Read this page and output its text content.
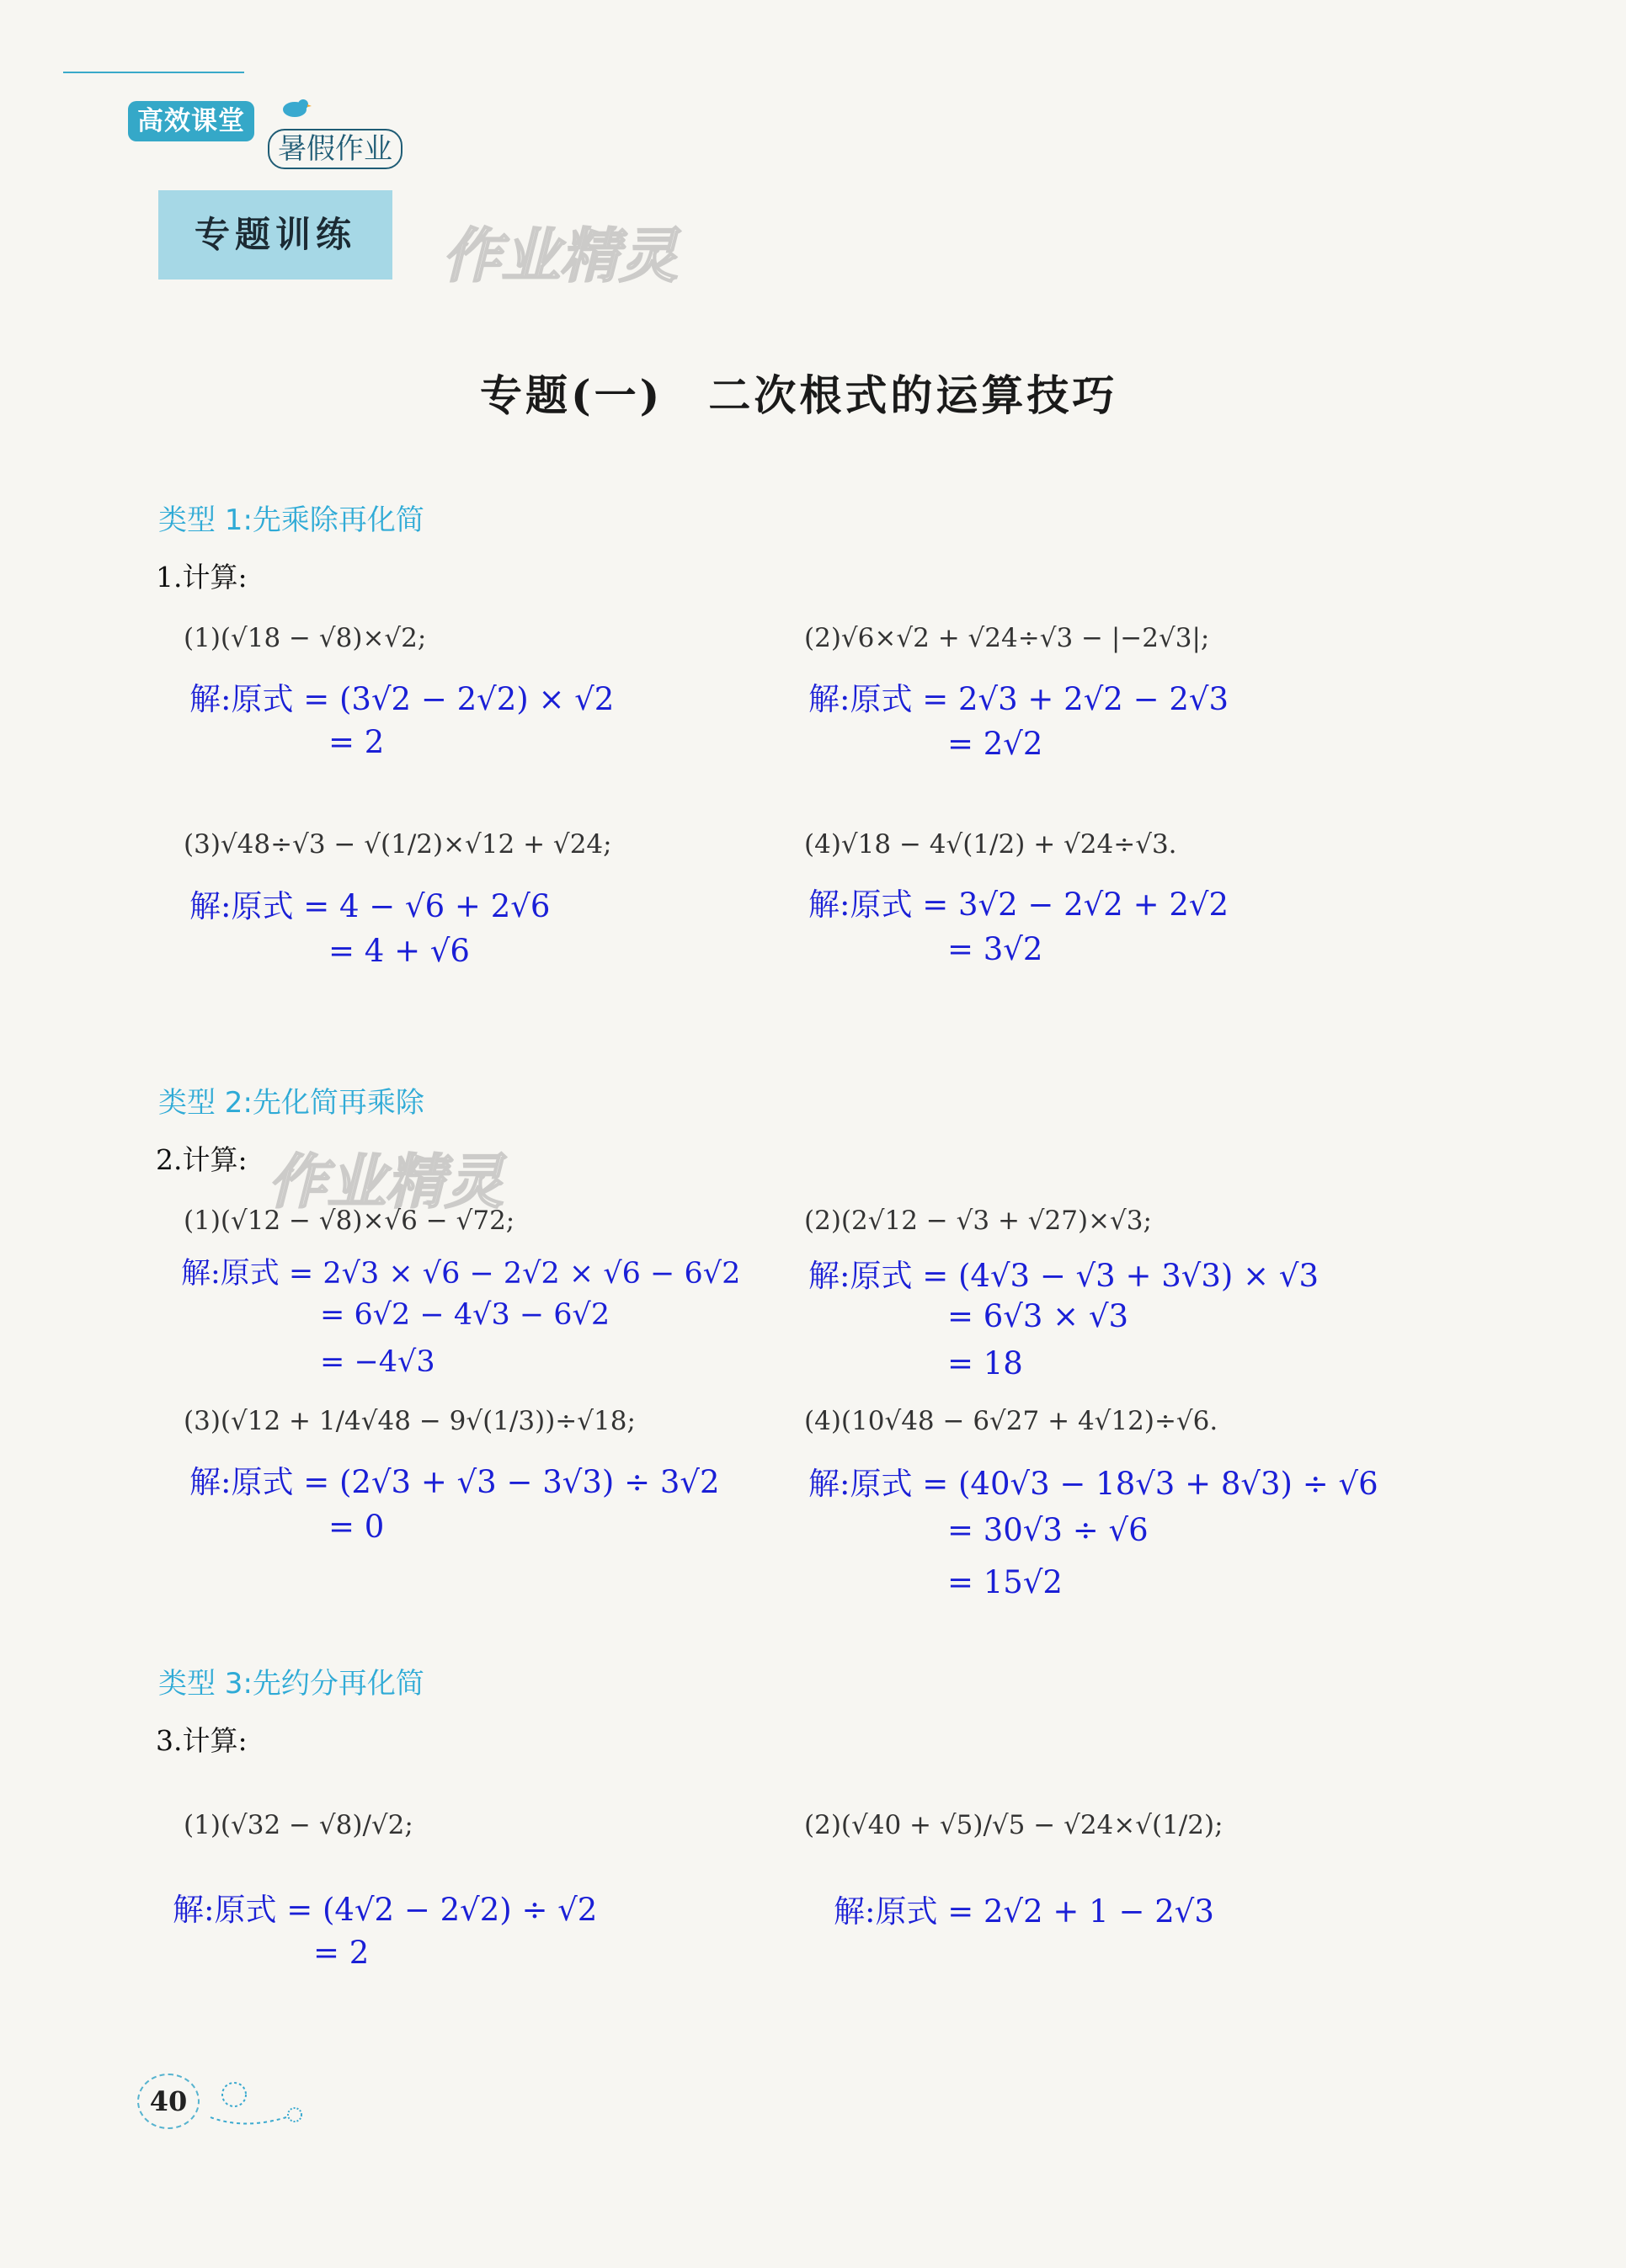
高效课堂
暑假作业
专题训练	作业精灵
作业精灵
专题(一)　二次根式的运算技巧
类型 1:先乘除再化简
1.计算:
(1)(√18 − √8)×√2;
解:原式 = (3√2 − 2√2) × √2
= 2
(2)√6×√2 + √24÷√3 − |−2√3|;
解:原式 = 2√3 + 2√2 − 2√3
= 2√2
(3)√48÷√3 − √(1/2)×√12 + √24;
解:原式 = 4 − √6 + 2√6
= 4 + √6
(4)√18 − 4√(1/2) + √24÷√3.
解:原式 = 3√2 − 2√2 + 2√2
= 3√2
类型 2:先化简再乘除
2.计算:
(1)(√12 − √8)×√6 − √72;
解:原式 = 2√3 × √6 − 2√2 × √6 − 6√2
= 6√2 − 4√3 − 6√2
= −4√3
(2)(2√12 − √3 + √27)×√3;
解:原式 = (4√3 − √3 + 3√3) × √3
= 6√3 × √3
= 18
(3)(√12 + 1/4√48 − 9√(1/3))÷√18;
解:原式 = (2√3 + √3 − 3√3) ÷ 3√2
= 0
(4)(10√48 − 6√27 + 4√12)÷√6.
解:原式 = (40√3 − 18√3 + 8√3) ÷ √6
= 30√3 ÷ √6
= 15√2
类型 3:先约分再化简
3.计算:
(1)(√32 − √8)/√2;
解:原式 = (4√2 − 2√2) ÷ √2
= 2
(2)(√40 + √5)/√5 − √24×√(1/2);
解:原式 = 2√2 + 1 − 2√3
40
